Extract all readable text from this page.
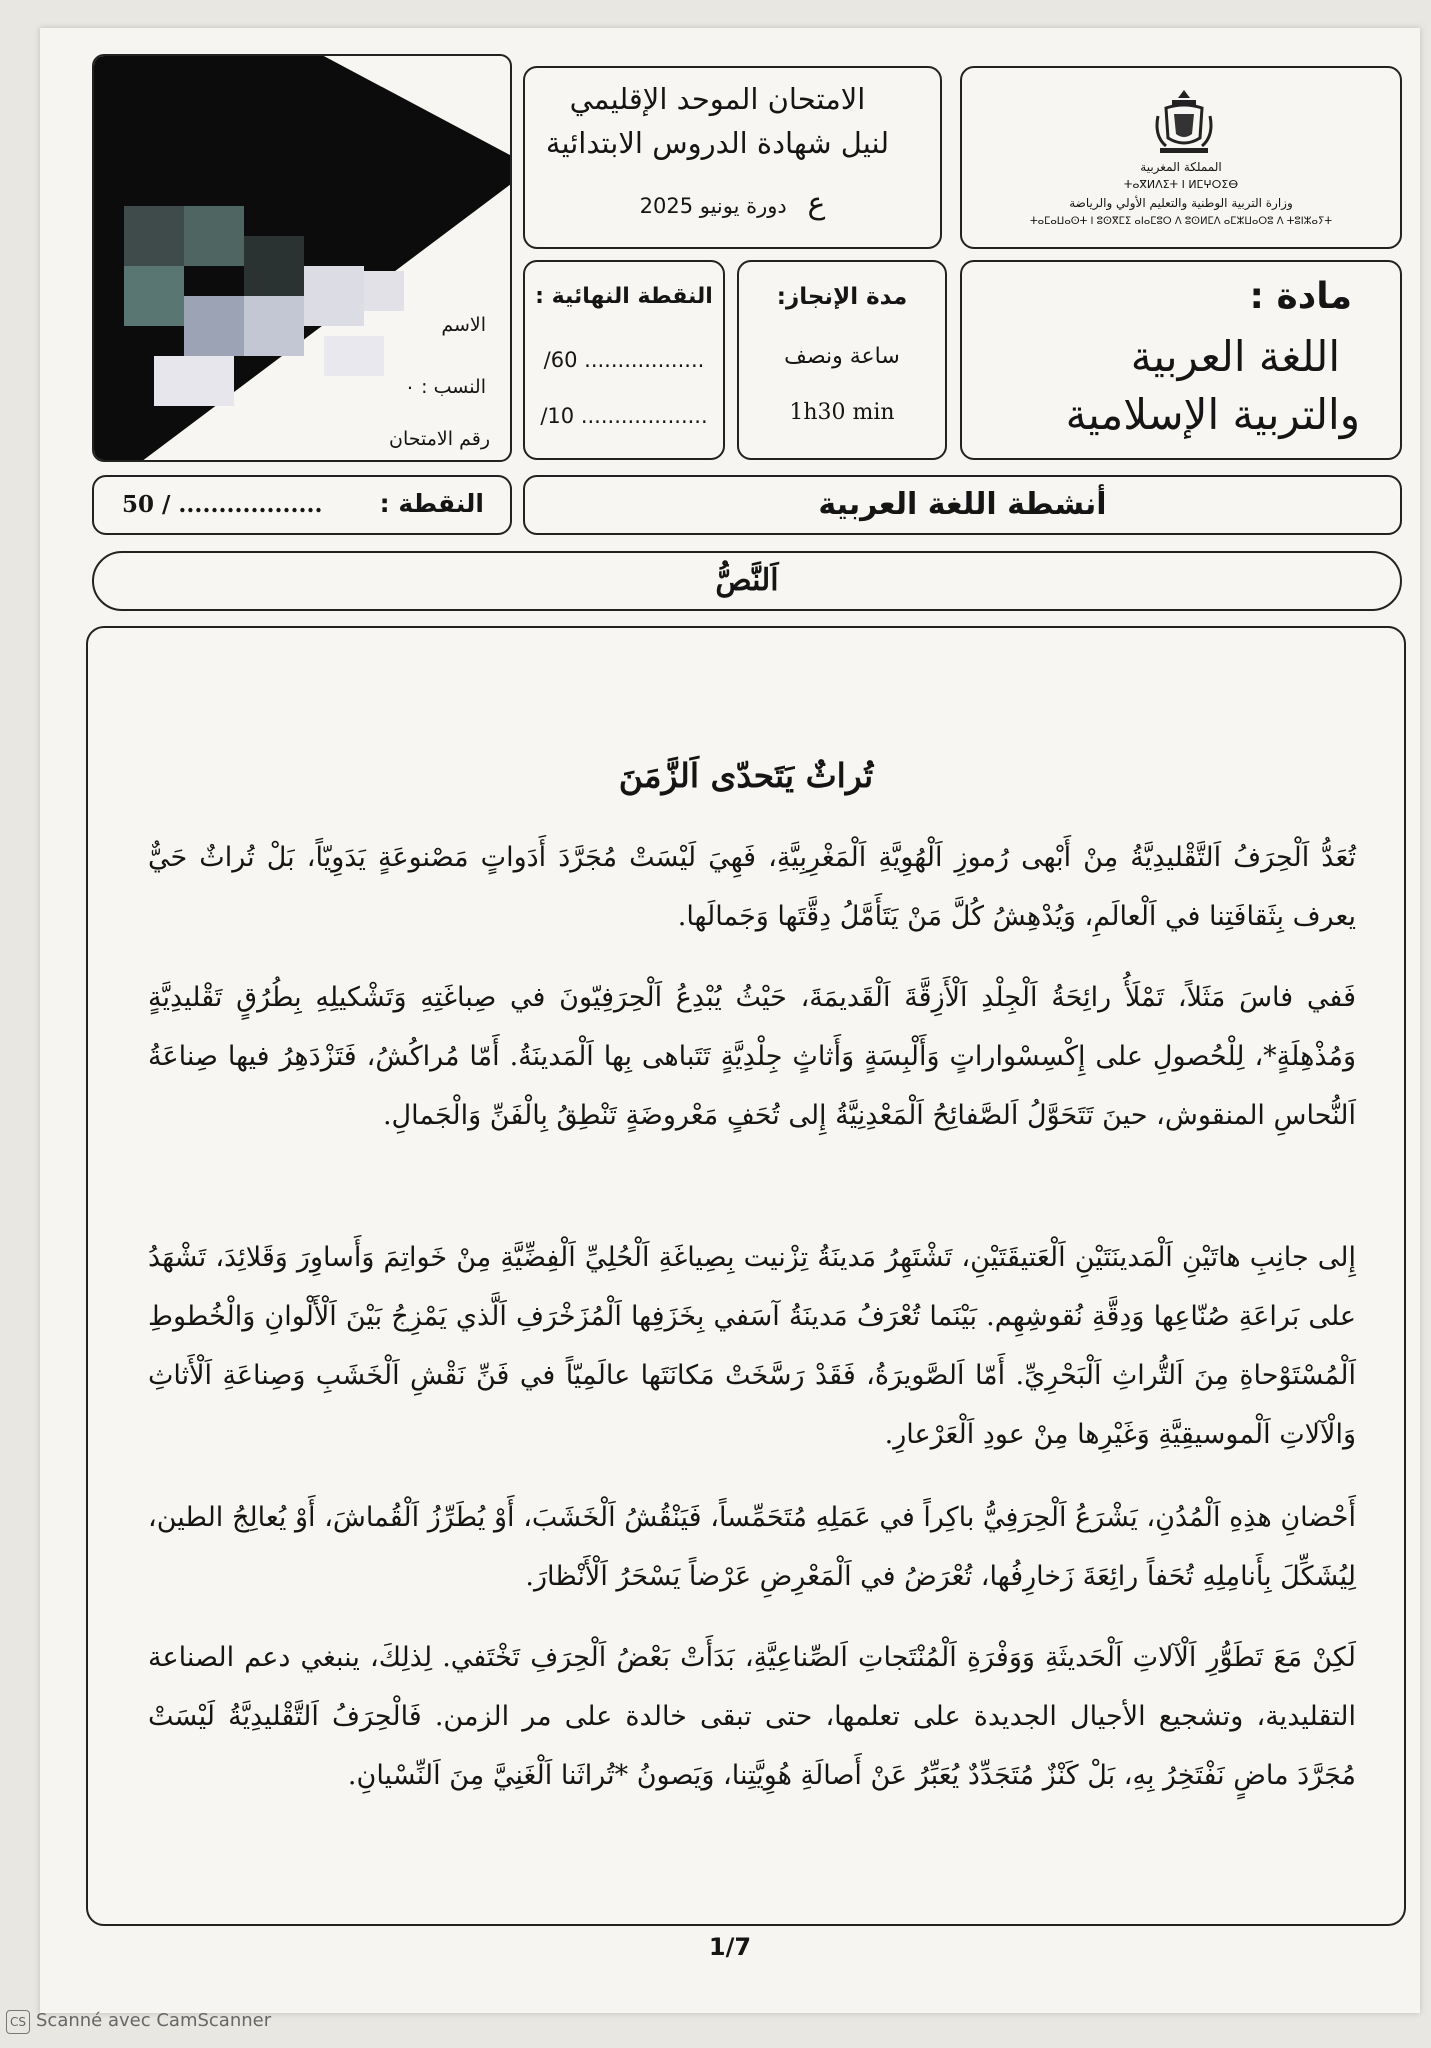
المملكة المغربية
ⵜⴰⴳⵍⴷⵉⵜ ⵏ ⵍⵎⵖⵔⵉⴱ
وزارة التربية الوطنية والتعليم الأولي والرياضة
ⵜⴰⵎⴰⵡⴰⵙⵜ ⵏ ⵓⵙⴳⵎⵉ ⴰⵏⴰⵎⵓⵔ ⴷ ⵓⵙⵍⵎⴷ ⴰⵎⵣⵡⴰⵔⵓ ⴷ ⵜⵓⵏⵣⴰⵢⵜ
الامتحان الموحد الإقليمي
لنيل شهادة الدروس الابتدائية
ع دورة يونيو 2025
الاسم
النسب : ٠
رقم الامتحان
مادة :
اللغة العربية
والتربية الإسلامية
مدة الإنجاز:
ساعة ونصف
1h30 min
النقطة النهائية :
/60 ..................
/10 ...................
النقطة :
50 / ..................	أنشطة اللغة العربية
اَلنَّصُّ
تُراثٌ يَتَحدّى اَلزَّمَنَ
تُعَدُّ اَلْحِرَفُ اَلتَّقْليدِيَّةُ مِنْ أَبْهى رُموزِ اَلْهُوِيَّةِ اَلْمَغْرِبِيَّةِ، فَهِيَ لَيْسَتْ مُجَرَّدَ أَدَواتٍ مَصْنوعَةٍ يَدَوِيّاً، بَلْ تُراثٌ حَيٌّ يعرف بِثَقافَتِنا في اَلْعالَمِ، وَيُدْهِشُ كُلَّ مَنْ يَتَأَمَّلُ دِقَّتَها وَجَمالَها.
فَفي فاسَ مَثَلاً، تَمْلَأُ رائِحَةُ اَلْجِلْدِ اَلْأَزِقَّةَ اَلْقَديمَةَ، حَيْثُ يُبْدِعُ اَلْحِرَفِيّونَ في صِباغَتِهِ وَتَشْكيلِهِ بِطُرُقٍ تَقْليدِيَّةٍ وَمُذْهِلَةٍ*، لِلْحُصولِ على إِكْسِسْواراتٍ وَأَلْبِسَةٍ وَأَثاثٍ جِلْدِيَّةٍ تَتَباهى بِها اَلْمَدينَةُ. أَمّا مُراكُشُ، فَتَزْدَهِرُ فيها صِناعَةُ اَلنُّحاسِ المنقوش، حينَ تَتَحَوَّلُ اَلصَّفائِحُ اَلْمَعْدِنِيَّةُ إِلى تُحَفٍ مَعْروضَةٍ تَنْطِقُ بِالْفَنِّ وَالْجَمالِ.
إِلى جانِبِ هاتَيْنِ اَلْمَدينَتَيْنِ اَلْعَتيقَتَيْنِ، تَشْتَهِرُ مَدينَةُ تِزْنيت بِصِياغَةِ اَلْحُلِيِّ اَلْفِضِّيَّةِ مِنْ خَواتِمَ وَأَساوِرَ وَقَلائِدَ، تَشْهَدُ على بَراعَةِ صُنّاعِها وَدِقَّةِ نُقوشِهِم. بَيْنَما تُعْرَفُ مَدينَةُ آسَفي بِخَزَفِها اَلْمُزَخْرَفِ اَلَّذي يَمْزِجُ بَيْنَ اَلْأَلْوانِ وَالْخُطوطِ اَلْمُسْتَوْحاةِ مِنَ اَلتُّراثِ اَلْبَحْرِيِّ. أَمّا اَلصَّويرَةُ، فَقَدْ رَسَّخَتْ مَكانَتَها عالَمِيّاً في فَنِّ نَقْشِ اَلْخَشَبِ وَصِناعَةِ اَلْأَثاثِ وَالْآلاتِ اَلْموسيقِيَّةِ وَغَيْرِها مِنْ عودِ اَلْعَرْعارِ.
أَحْضانِ هذِهِ اَلْمُدُنِ، يَشْرَعُ اَلْحِرَفِيُّ باكِراً في عَمَلِهِ مُتَحَمِّساً، فَيَنْقُشُ اَلْخَشَبَ، أَوْ يُطَرِّزُ اَلْقُماشَ، أَوْ يُعالِجُ الطين، لِيُشَكِّلَ بِأَنامِلِهِ تُحَفاً رائِعَةَ زَخارِفُها، تُعْرَضُ في اَلْمَعْرِضِ عَرْضاً يَسْحَرُ اَلْأَنْظارَ.
لَكِنْ مَعَ تَطَوُّرِ اَلْآلاتِ اَلْحَديثَةِ وَوَفْرَةِ اَلْمُنْتَجاتِ اَلصِّناعِيَّةِ، بَدَأَتْ بَعْضُ اَلْحِرَفِ تَخْتَفي. لِذلِكَ، ينبغي دعم الصناعة التقليدية، وتشجيع الأجيال الجديدة على تعلمها، حتى تبقى خالدة على مر الزمن. فَالْحِرَفُ اَلتَّقْليدِيَّةُ لَيْسَتْ مُجَرَّدَ ماضٍ نَفْتَخِرُ بِهِ، بَلْ كَنْزٌ مُتَجَدِّدٌ يُعَبِّرُ عَنْ أَصالَةِ هُوِيَّتِنا، وَيَصونُ *تُراثَنا اَلْغَنِيَّ مِنَ اَلنِّسْيانِ.
1/7
CS Scanné avec CamScanner
